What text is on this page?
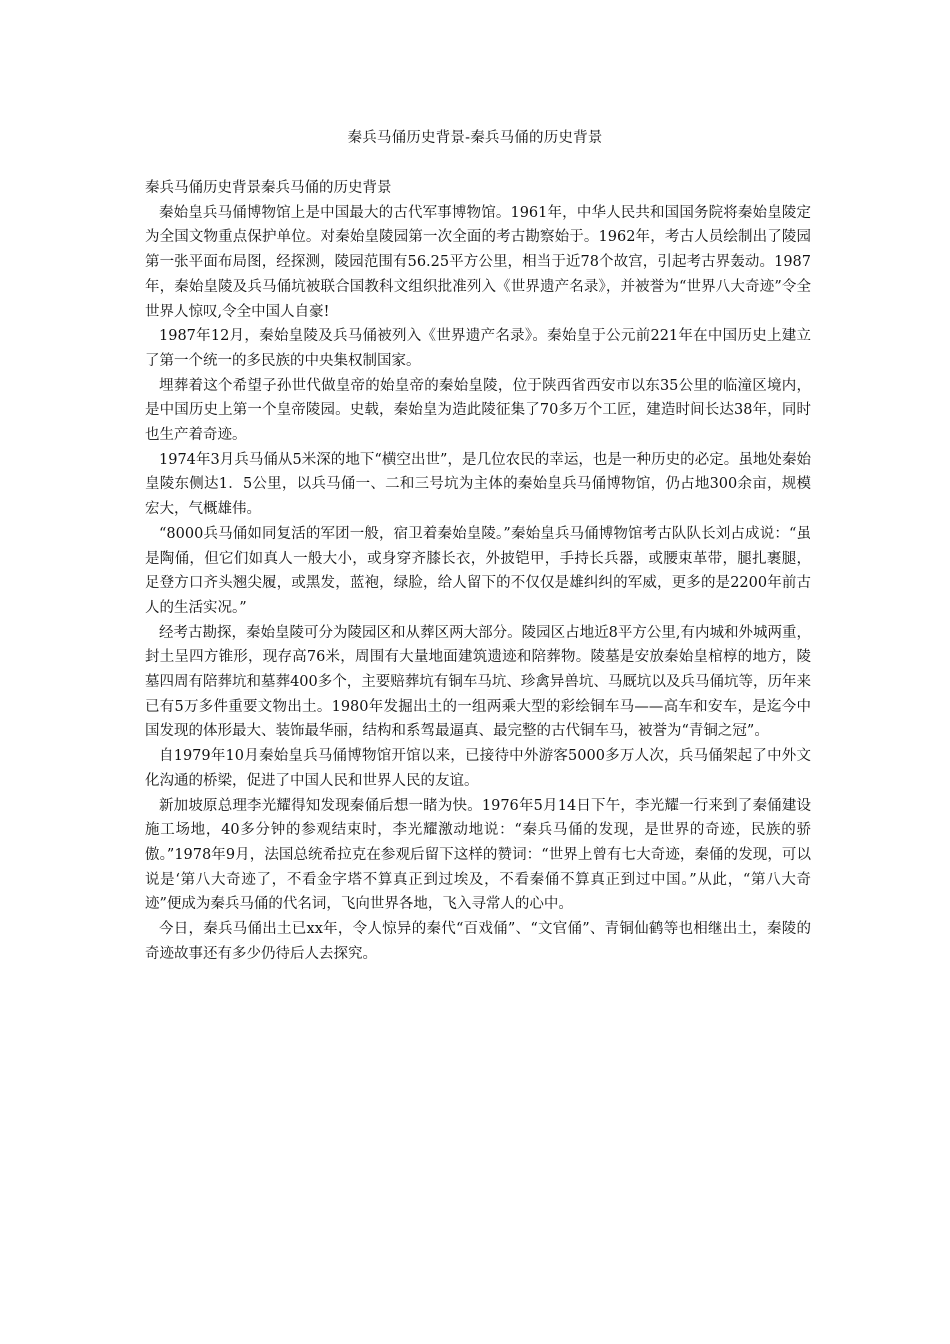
秦兵马俑历史背景-秦兵马俑的历史背景

秦兵马俑历史背景秦兵马俑的历史背景

秦始皇兵马俑博物馆上是中国最大的古代军事博物馆。1961年，中华人民共和国国务院将秦始皇陵定为全国文物重点保护单位。对秦始皇陵园第一次全面的考古勘察始于。1962年，考古人员绘制出了陵园第一张平面布局图，经探测，陵园范围有56.25平方公里，相当于近78个故宫，引起考古界轰动。1987年，秦始皇陵及兵马俑坑被联合国教科文组织批准列入《世界遗产名录》，并被誉为“世界八大奇迹”令全世界人惊叹,令全中国人自豪!

1987年12月，秦始皇陵及兵马俑被列入《世界遗产名录》。秦始皇于公元前221年在中国历史上建立了第一个统一的多民族的中央集权制国家。

埋葬着这个希望子孙世代做皇帝的始皇帝的秦始皇陵，位于陕西省西安市以东35公里的临潼区境内，是中国历史上第一个皇帝陵园。史载，秦始皇为造此陵征集了70多万个工匠，建造时间长达38年，同时也生产着奇迹。

1974年3月兵马俑从5米深的地下“横空出世”，是几位农民的幸运，也是一种历史的必定。虽地处秦始皇陵东侧达1．5公里，以兵马俑一、二和三号坑为主体的秦始皇兵马俑博物馆，仍占地300余亩，规模宏大，气概雄伟。

“8000兵马俑如同复活的军团一般，宿卫着秦始皇陵。”秦始皇兵马俑博物馆考古队队长刘占成说：“虽是陶俑，但它们如真人一般大小，或身穿齐膝长衣，外披铠甲，手持长兵器，或腰束革带，腿扎裹腿，足登方口齐头翘尖履，或黑发，蓝袍，绿脸，给人留下的不仅仅是雄纠纠的军威，更多的是2200年前古人的生活实况。”

经考古勘探，秦始皇陵可分为陵园区和从葬区两大部分。陵园区占地近8平方公里,有内城和外城两重，封土呈四方锥形，现存高76米，周围有大量地面建筑遗迹和陪葬物。陵墓是安放秦始皇棺椁的地方，陵墓四周有陪葬坑和墓葬400多个，主要赔葬坑有铜车马坑、珍禽异兽坑、马厩坑以及兵马俑坑等，历年来已有5万多件重要文物出土。1980年发掘出土的一组两乘大型的彩绘铜车马——高车和安车，是迄今中国发现的体形最大、装饰最华丽，结构和系驾最逼真、最完整的古代铜车马，被誉为“青铜之冠”。

自1979年10月秦始皇兵马俑博物馆开馆以来，已接待中外游客5000多万人次，兵马俑架起了中外文化沟通的桥梁，促进了中国人民和世界人民的友谊。

新加坡原总理李光耀得知发现秦俑后想一睹为快。1976年5月14日下午，李光耀一行来到了秦俑建设施工场地，40多分钟的参观结束时，李光耀激动地说：“秦兵马俑的发现，是世界的奇迹，民族的骄傲。”1978年9月，法国总统希拉克在参观后留下这样的赞词：“世界上曾有七大奇迹，秦俑的发现，可以说是‘第八大奇迹了，不看金字塔不算真正到过埃及，不看秦俑不算真正到过中国。”从此，“第八大奇迹”便成为秦兵马俑的代名词，飞向世界各地，飞入寻常人的心中。

今日，秦兵马俑出土已xx年，令人惊异的秦代“百戏俑”、“文官俑”、青铜仙鹤等也相继出土，秦陵的奇迹故事还有多少仍待后人去探究。
